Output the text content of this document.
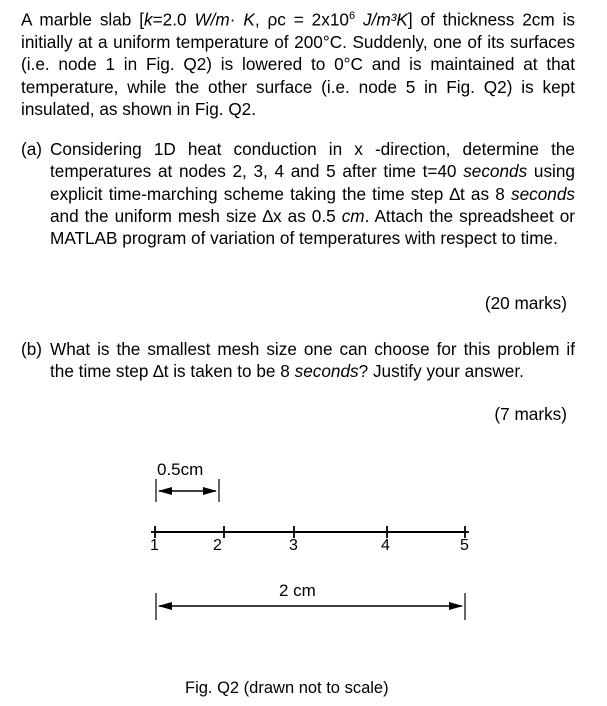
A marble slab [k=2.0 W/m· K, $\rho c = 2x10^6$ J/m³K] of thickness 2cm is initially at a uniform temperature of 200°C. Suddenly, one of its surfaces (i.e. node 1 in Fig. Q2) is lowered to 0°C and is maintained at that temperature, while the other surface (i.e. node 5 in Fig. Q2) is kept insulated, as shown in Fig. Q2.

(a) Considering 1D heat conduction in x -direction, determine the temperatures at nodes 2, 3, 4 and 5 after time t=40 seconds using explicit time-marching scheme taking the time step ∆t as 8 seconds and the uniform mesh size ∆x as 0.5 cm. Attach the spreadsheet or MATLAB program of variation of temperatures with respect to time.

(20 marks)
(b) What is the smallest mesh size one can choose for this problem if the time step ∆t is taken to be 8 seconds? Justify your answer.

(7 marks)
0.5cm
1	2	3	4	5
2 cm
Fig. Q2 (drawn not to scale)
